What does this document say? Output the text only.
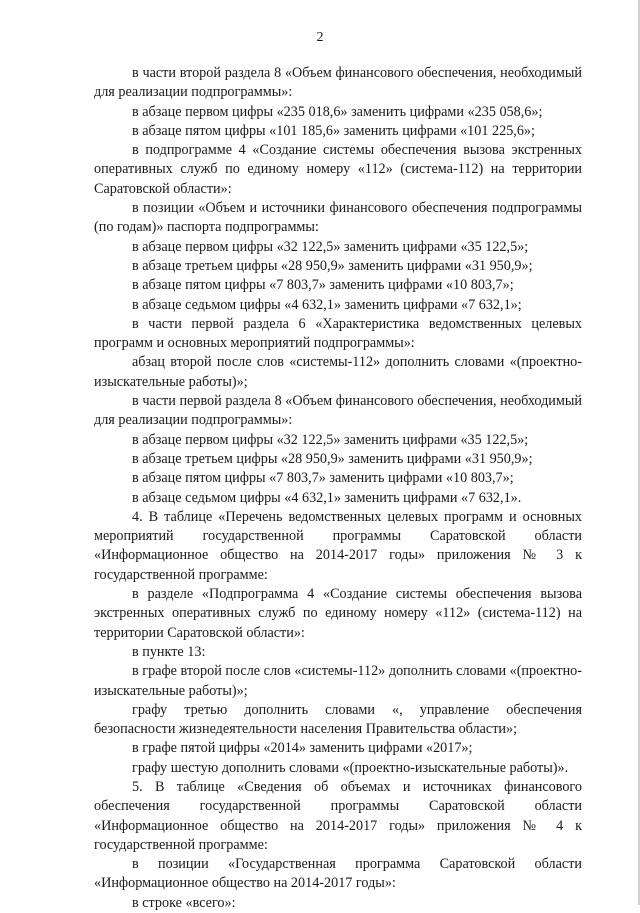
2

в части второй раздела 8 «Объем финансового обеспечения, необходимый для реализации подпрограммы»:

в абзаце первом цифры «235 018,6» заменить цифрами «235 058,6»;

в абзаце пятом цифры «101 185,6» заменить цифрами «101 225,6»;

в подпрограмме 4 «Создание системы обеспечения вызова экстренных оперативных служб по единому номеру «112» (система-112) на территории Саратовской области»:

в позиции «Объем и источники финансового обеспечения подпрограммы (по годам)» паспорта подпрограммы:

в абзаце первом цифры «32 122,5» заменить цифрами «35 122,5»;

в абзаце третьем цифры «28 950,9» заменить цифрами «31 950,9»;

в абзаце пятом цифры «7 803,7» заменить цифрами «10 803,7»;

в абзаце седьмом цифры «4 632,1» заменить цифрами «7 632,1»;

в части первой раздела 6 «Характеристика ведомственных целевых программ и основных мероприятий подпрограммы»:

абзац второй после слов «системы-112» дополнить словами «(проектно-изыскательные работы)»;

в части первой раздела 8 «Объем финансового обеспечения, необходимый для реализации подпрограммы»:

в абзаце первом цифры «32 122,5» заменить цифрами «35 122,5»;

в абзаце третьем цифры «28 950,9» заменить цифрами «31 950,9»;

в абзаце пятом цифры «7 803,7» заменить цифрами «10 803,7»;

в абзаце седьмом цифры «4 632,1» заменить цифрами «7 632,1».

4. В таблице «Перечень ведомственных целевых программ и основных мероприятий государственной программы Саратовской области «Информационное общество на 2014-2017 годы» приложения № 3 к государственной программе:

в разделе «Подпрограмма 4 «Создание системы обеспечения вызова экстренных оперативных служб по единому номеру «112» (система-112) на территории Саратовской области»:

в пункте 13:

в графе второй после слов «системы-112» дополнить словами «(проектно-изыскательные работы)»;

графу третью дополнить словами «, управление обеспечения безопасности жизнедеятельности населения Правительства области»;

в графе пятой цифры «2014» заменить цифрами «2017»;

графу шестую дополнить словами «(проектно-изыскательные работы)».

5. В таблице «Сведения об объемах и источниках финансового обеспечения государственной программы Саратовской области «Информационное общество на 2014-2017 годы» приложения № 4 к государственной программе:

в позиции «Государственная программа Саратовской области «Информационное общество на 2014-2017 годы»:

в строке «всего»:
